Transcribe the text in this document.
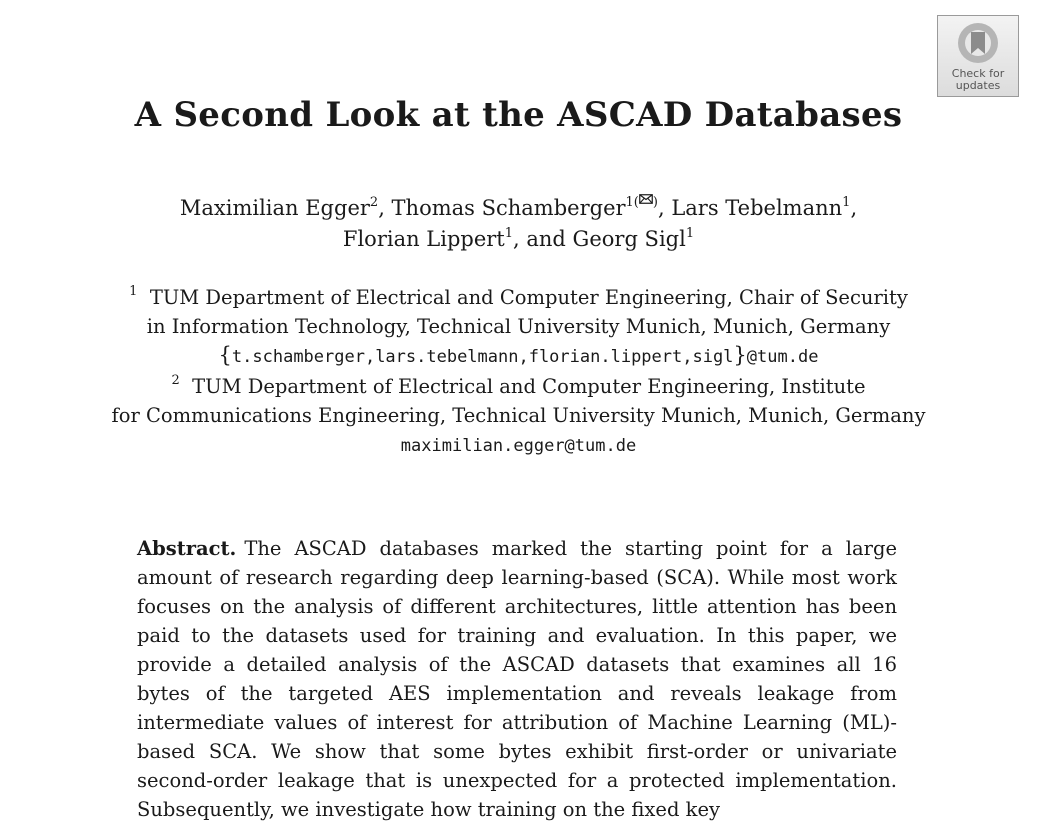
Check for
updates
A Second Look at the ASCAD Databases
Maximilian Egger$^2$, Thomas Schamberger$^{1( )}$, Lars Tebelmann$^1$,
Florian Lippert$^1$, and Georg Sigl$^1$
$^1$ TUM Department of Electrical and Computer Engineering, Chair of Security
in Information Technology, Technical University Munich, Munich, Germany
{t.schamberger,lars.tebelmann,florian.lippert,sigl}@tum.de
$^2$ TUM Department of Electrical and Computer Engineering, Institute
for Communications Engineering, Technical University Munich, Munich, Germany
maximilian.egger@tum.de
Abstract. The ASCAD databases marked the starting point for a large amount of research regarding deep learning-based (SCA). While most work focuses on the analysis of different architectures, little attention has been paid to the datasets used for training and evaluation. In this paper, we provide a detailed analysis of the ASCAD datasets that examines all 16 bytes of the targeted AES implementation and reveals leakage from intermediate values of interest for attribution of Machine Learning (ML)-based SCA. We show that some bytes exhibit first-order or univariate second-order leakage that is unexpected for a protected implementation. Subsequently, we investigate how training on the fixed key
